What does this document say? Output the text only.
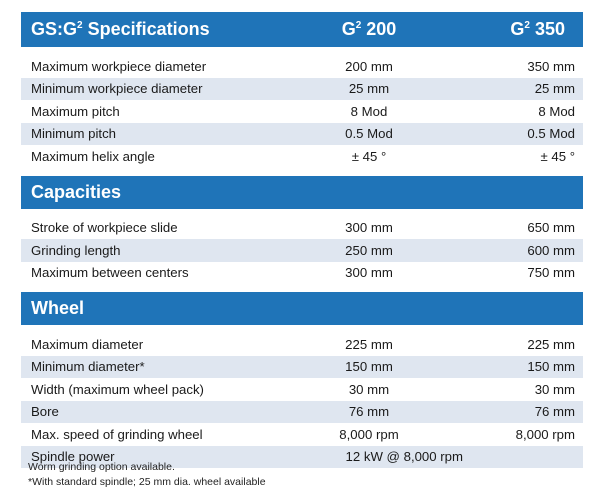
$GS:G^2$ Specifications	$G^2$ 200	$G^2$ 350
Maximum workpiece diameter	200 mm	350 mm
Minimum workpiece diameter	25 mm	25 mm
Maximum pitch	8 Mod	8 Mod
Minimum pitch	0.5 Mod	0.5 Mod
Maximum helix angle	± 45 °	± 45 °
Capacities
Stroke of workpiece slide	300 mm	650 mm
Grinding length	250 mm	600 mm
Maximum between centers	300 mm	750 mm
Wheel
Maximum diameter	225 mm	225 mm
Minimum diameter*	150 mm	150 mm
Width (maximum wheel pack)	30 mm	30 mm
Bore	76 mm	76 mm
Max. speed of grinding wheel	8,000 rpm	8,000 rpm
Spindle power	12 kW @ 8,000 rpm
Worm grinding option available.
*With standard spindle; 25 mm dia. wheel available
